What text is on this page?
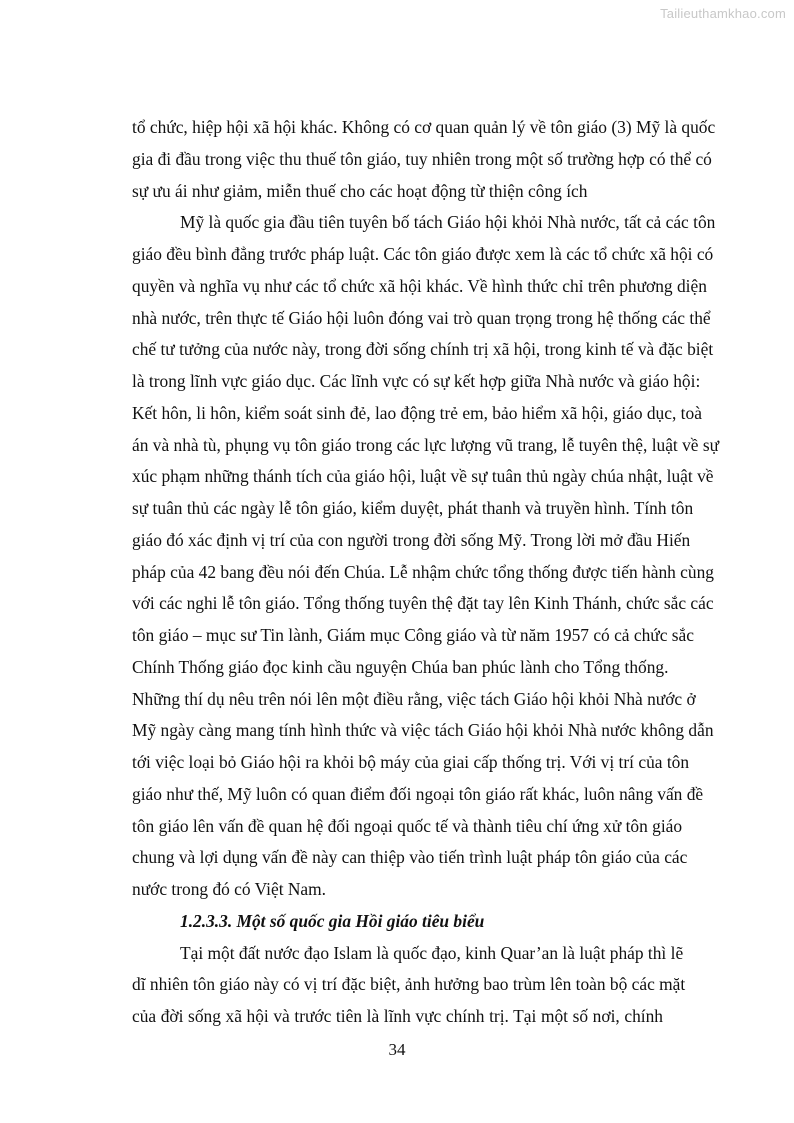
Tailieuthamkhao.com
tổ chức, hiệp hội xã hội khác. Không có cơ quan quản lý về tôn giáo (3) Mỹ là quốc
gia đi đầu trong việc thu thuế tôn giáo, tuy nhiên trong một số trường hợp có thể có
sự ưu ái như giảm, miễn thuế cho các hoạt động từ thiện công ích
Mỹ là quốc gia đầu tiên tuyên bố tách Giáo hội khỏi Nhà nước, tất cả các tôn
giáo đều bình đẳng trước pháp luật. Các tôn giáo được xem là các tổ chức xã hội có
quyền và nghĩa vụ như các tổ chức xã hội khác. Về hình thức chỉ trên phương diện
nhà nước, trên thực tế Giáo hội luôn đóng vai trò quan trọng trong hệ thống các thể
chế tư tưởng của nước này, trong đời sống chính trị xã hội, trong kinh tế và đặc biệt
là trong lĩnh vực giáo dục. Các lĩnh vực có sự kết hợp giữa Nhà nước và giáo hội:
Kết hôn, li hôn, kiểm soát sinh đẻ, lao động trẻ em, bảo hiểm xã hội, giáo dục, toà
án và nhà tù, phụng vụ tôn giáo trong các lực lượng vũ trang, lễ tuyên thệ, luật về sự
xúc phạm những thánh tích của giáo hội, luật về sự tuân thủ ngày chúa nhật, luật về
sự tuân thủ các ngày lễ tôn giáo, kiểm duyệt, phát thanh và truyền hình. Tính tôn
giáo đó xác định vị trí của con người trong đời sống Mỹ. Trong lời mở đầu Hiến
pháp của 42 bang đều nói đến Chúa. Lễ nhậm chức tổng thống được tiến hành cùng
với các nghi lễ tôn giáo. Tổng thống tuyên thệ đặt tay lên Kinh Thánh, chức sắc các
tôn giáo – mục sư Tin lành, Giám mục Công giáo và từ năm 1957 có cả chức sắc
Chính Thống giáo đọc kinh cầu nguyện Chúa ban phúc lành cho Tổng thống.
Những thí dụ nêu trên nói lên một điều rằng, việc tách Giáo hội khỏi Nhà nước ở
Mỹ ngày càng mang tính hình thức và việc tách Giáo hội khỏi Nhà nước không dẫn
tới việc loại bỏ Giáo hội ra khỏi bộ máy của giai cấp thống trị. Với vị trí của tôn
giáo như thế, Mỹ luôn có quan điểm đối ngoại tôn giáo rất khác, luôn nâng vấn đề
tôn giáo lên vấn đề quan hệ đối ngoại quốc tế và thành tiêu chí ứng xử tôn giáo
chung và lợi dụng vấn đề này can thiệp vào tiến trình luật pháp tôn giáo của các
nước trong đó có Việt Nam.
1.2.3.3. Một số quốc gia Hồi giáo tiêu biểu
Tại một đất nước đạo Islam là quốc đạo, kinh Quar’an là luật pháp thì lẽ
dĩ nhiên tôn giáo này có vị trí đặc biệt, ảnh hưởng bao trùm lên toàn bộ các mặt
của đời sống xã hội và trước tiên là lĩnh vực chính trị. Tại một số nơi, chính
34
